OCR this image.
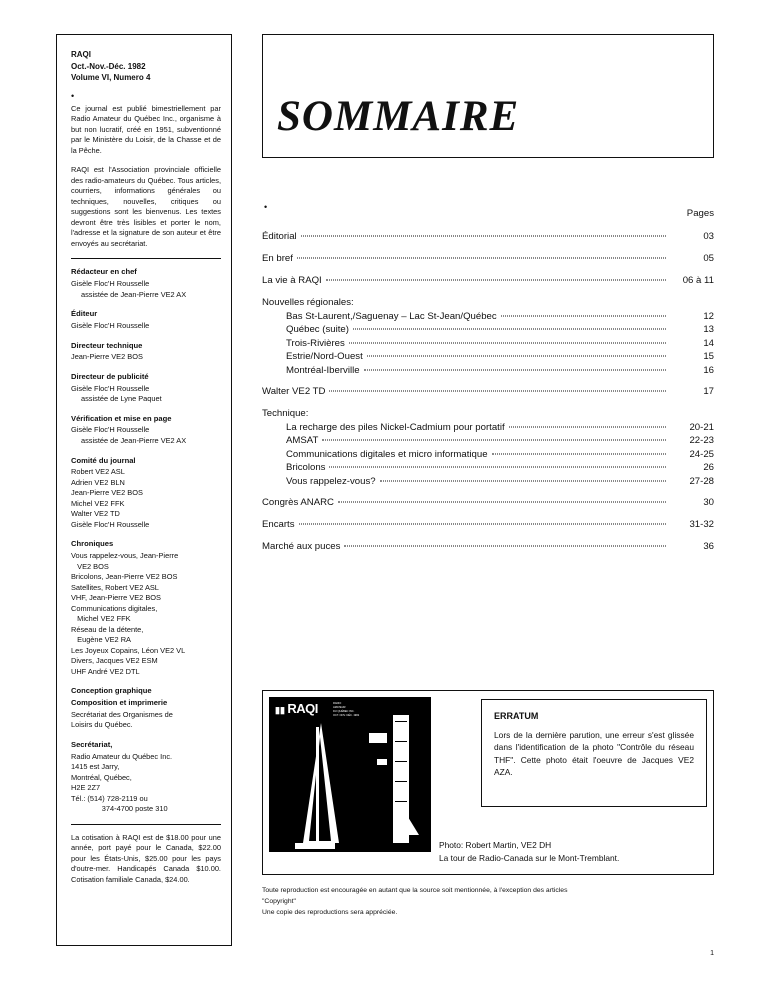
RAQI
Oct.-Nov.-Déc. 1982
Volume VI, Numero 4
•

Ce journal est publié bimestriellement par Radio Amateur du Québec Inc., organisme à but non lucratif, créé en 1951, subventionné par le Ministère du Loisir, de la Chasse et de la Pêche.

RAQI est l'Association provinciale officielle des radio-amateurs du Québec. Tous articles, courriers, informations générales ou techniques, nouvelles, critiques ou suggestions sont les bienvenus. Les textes devront être très lisibles et porter le nom, l'adresse et la signature de son auteur et être envoyés au secrétariat.

Rédacteur en chef
Gisèle Floc'H Rousselle
assistée de Jean-Pierre VE2 AX
Éditeur
Gisèle Floc'H Rousselle
Directeur technique
Jean-Pierre VE2 BOS
Directeur de publicité
Gisèle Floc'H Rousselle
assistée de Lyne Paquet
Vérification et mise en page
Gisèle Floc'H Rousselle
assistée de Jean-Pierre VE2 AX
Comité du journal
Robert VE2 ASL
Adrien VE2 BLN
Jean-Pierre VE2 BOS
Michel VE2 FFK
Walter VE2 TD
Gisèle Floc'H Rousselle
Chroniques
Vous rappelez-vous, Jean-Pierre
VE2 BOS
Bricolons, Jean-Pierre VE2 BOS
Satellites, Robert VE2 ASL
VHF, Jean-Pierre VE2 BOS
Communications digitales,
Michel VE2 FFK
Réseau de la détente,
Eugène VE2 RA
Les Joyeux Copains, Léon VE2 VL
Divers, Jacques VE2 ESM
UHF André VE2 DTL
Conception graphique
Composition et imprimerie
Secrétariat des Organismes de
Loisirs du Québec.
Secrétariat,
Radio Amateur du Québec Inc.
1415 est Jarry,
Montréal, Québec,
H2E 2Z7
Tél.: (514) 728-2119 ou
374-4700 poste 310

La cotisation à RAQI est de $18.00 pour une année, port payé pour le Canada, $22.00 pour les États-Unis, $25.00 pour les pays d'outre-mer. Handicapés Canada $10.00. Cotisation familiale Canada, $24.00.

SOMMAIRE
•
Pages
Éditorial	03
En bref	05
La vie à RAQI	06 à 11
Nouvelles régionales:
Bas St-Laurent,/Saguenay – Lac St-Jean/Québec	12
Québec (suite)	13
Trois-Rivières	14
Estrie/Nord-Ouest	15
Montréal-Iberville	16
Walter VE2 TD	17
Technique:
La recharge des piles Nickel-Cadmium pour portatif	20-21
AMSAT	22-23
Communications digitales et micro informatique	24-25
Bricolons	26
Vous rappelez-vous?	27-28
Congrès ANARC	30
Encarts	31-32
Marché aux puces	36
▮▮ RAQI	RADIO
AMATEUR
DU QUÉBEC INC.
OCT. NOV. DÉC. 1982	ERRATUM

Lors de la dernière parution, une erreur s'est glissée dans l'identification de la photo "Contrôle du réseau THF". Cette photo était l'oeuvre de Jacques VE2 AZA.

Photo: Robert Martin, VE2 DH
La tour de Radio-Canada sur le Mont-Tremblant.
Toute reproduction est encouragée en autant que la source soit mentionnée, à l'exception des articles
"Copyright"
Une copie des reproductions sera appréciée.
1
